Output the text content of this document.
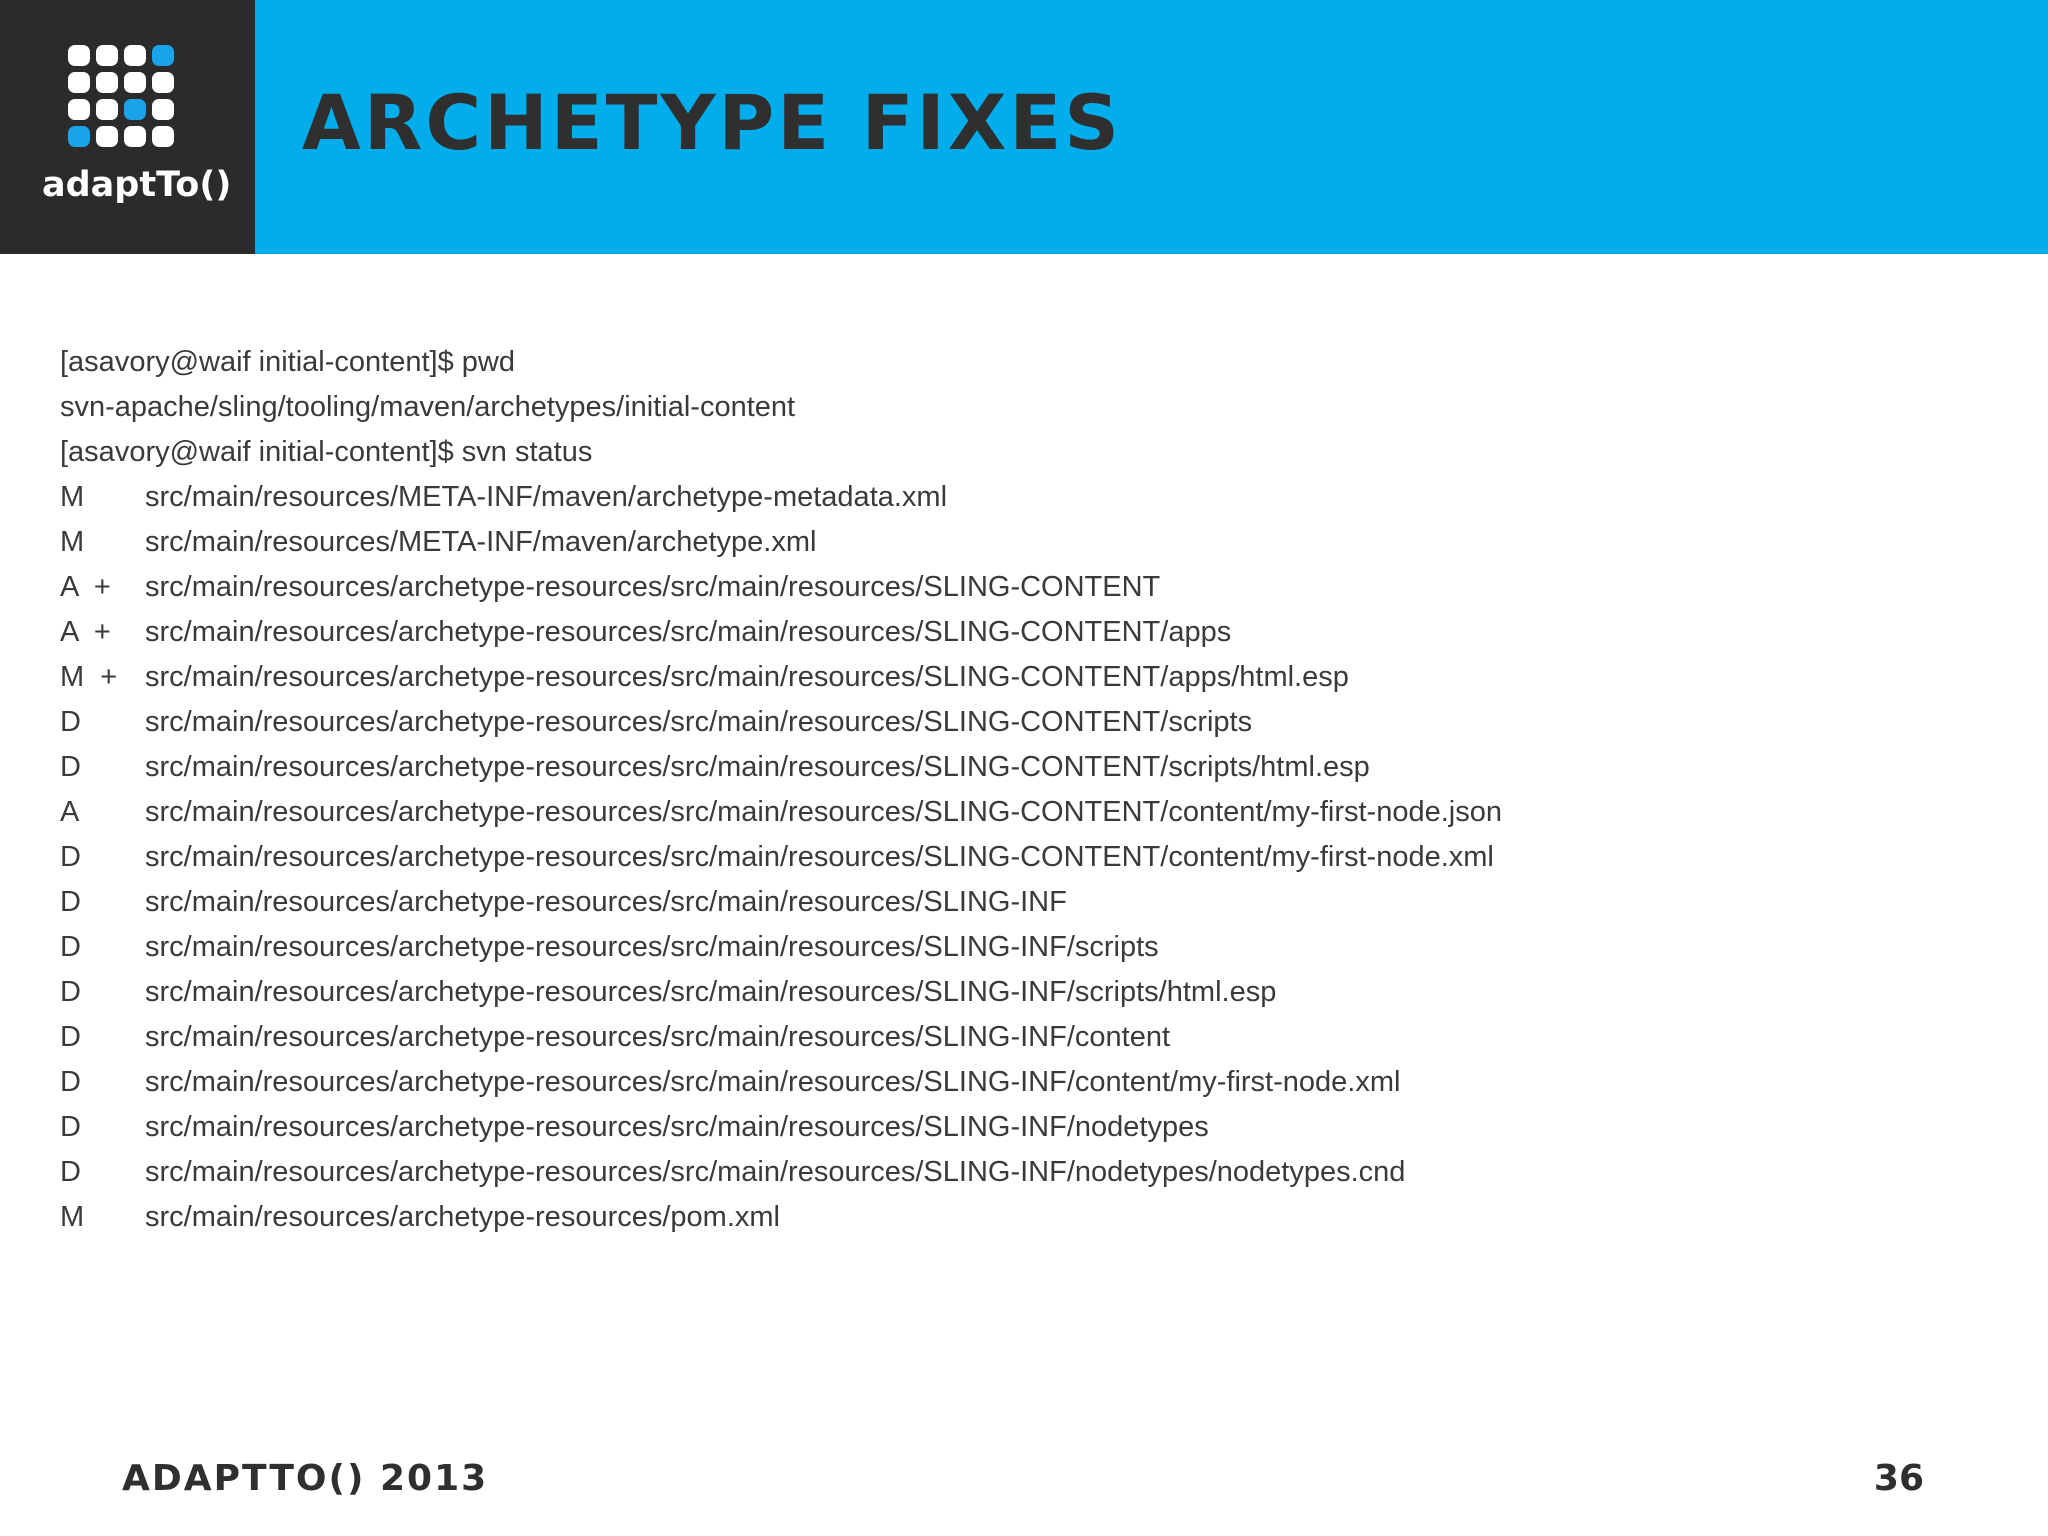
adaptTo()
ARCHETYPE FIXES
[asavory@waif initial-content]$ pwd
svn-apache/sling/tooling/maven/archetypes/initial-content
[asavory@waif initial-content]$ svn status
M	src/main/resources/META-INF/maven/archetype-metadata.xml
M	src/main/resources/META-INF/maven/archetype.xml
A  +	src/main/resources/archetype-resources/src/main/resources/SLING-CONTENT
A  +	src/main/resources/archetype-resources/src/main/resources/SLING-CONTENT/apps
M  + src/main/resources/archetype-resources/src/main/resources/SLING-CONTENT/apps/html.esp
D	src/main/resources/archetype-resources/src/main/resources/SLING-CONTENT/scripts
D	src/main/resources/archetype-resources/src/main/resources/SLING-CONTENT/scripts/html.esp
A	src/main/resources/archetype-resources/src/main/resources/SLING-CONTENT/content/my-first-node.json
D	src/main/resources/archetype-resources/src/main/resources/SLING-CONTENT/content/my-first-node.xml
D	src/main/resources/archetype-resources/src/main/resources/SLING-INF
D	src/main/resources/archetype-resources/src/main/resources/SLING-INF/scripts
D	src/main/resources/archetype-resources/src/main/resources/SLING-INF/scripts/html.esp
D	src/main/resources/archetype-resources/src/main/resources/SLING-INF/content
D	src/main/resources/archetype-resources/src/main/resources/SLING-INF/content/my-first-node.xml
D	src/main/resources/archetype-resources/src/main/resources/SLING-INF/nodetypes
D	src/main/resources/archetype-resources/src/main/resources/SLING-INF/nodetypes/nodetypes.cnd
M	src/main/resources/archetype-resources/pom.xml
ADAPTTO() 2013	36
